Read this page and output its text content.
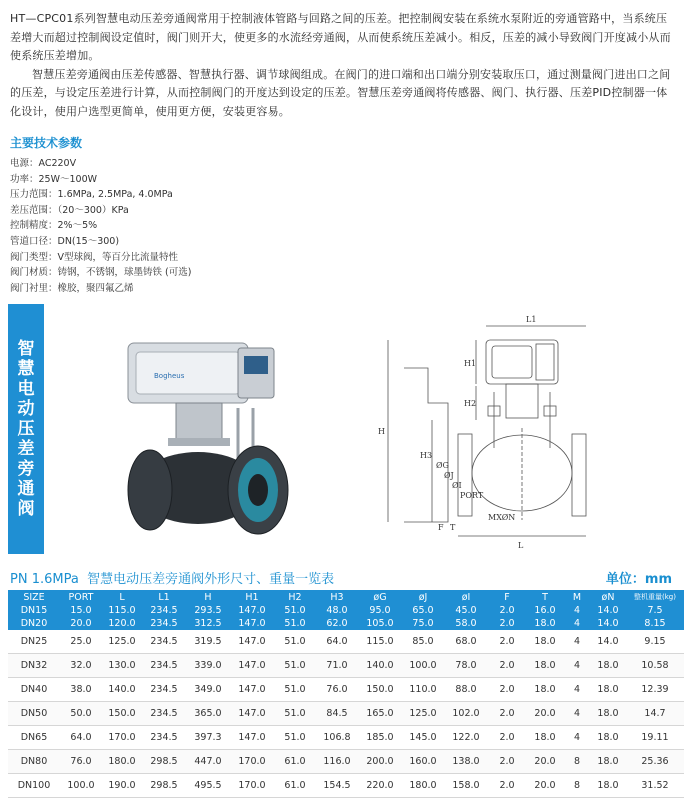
HT—CPC01系列智慧电动压差旁通阀常用于控制液体管路与回路之间的压差。把控制阀安装在系统水泵附近的旁通管路中，当系统压差增大而超过控制阀设定值时，阀门则开大，使更多的水流经旁通阀，从而使系统压差减小。相反，压差的减小导致阀门开度减小从而使系统压差增加。

智慧压差旁通阀由压差传感器、智慧执行器、调节球阀组成。在阀门的进口端和出口端分别安装取压口，通过测量阀门进出口之间的压差，与设定压差进行计算，从而控制阀门的开度达到设定的压差。智慧压差旁通阀将传感器、阀门、执行器、压差PID控制器一体化设计，使用户选型更简单，使用更方便，安装更容易。

主要技术参数
电源：AC220V
功率：25W～100W
压力范围：1.6MPa, 2.5MPa, 4.0MPa
差压范围：（20～300）KPa
控制精度：2%～5%
管道口径：DN(15～300)
阀门类型：V型球阀，等百分比流量特性
阀门材质：铸钢，不锈钢，球墨铸铁 (可选)
阀门衬里：橡胶，聚四氟乙烯
智慧电动压差旁通阀
Bogheus
L1
H1
H2
H
H3
ØG
ØJ
ØI
PORT
MXØN
F T
L
PN 1.6MPa 智慧电动压差旁通阀外形尺寸、重量一览表	单位：mm
SIZE	PORT	L	L1	H	H1	H2	H3	øG	øJ	øI	F	T	M	øN	整机重量(kg)
DN15	15.0	115.0	234.5	293.5	147.0	51.0	48.0	95.0	65.0	45.0	2.0	16.0	4	14.0	7.5
DN20	20.0	120.0	234.5	312.5	147.0	51.0	62.0	105.0	75.0	58.0	2.0	18.0	4	14.0	8.15
DN25	25.0	125.0	234.5	319.5	147.0	51.0	64.0	115.0	85.0	68.0	2.0	18.0	4	14.0	9.15
DN32	32.0	130.0	234.5	339.0	147.0	51.0	71.0	140.0	100.0	78.0	2.0	18.0	4	18.0	10.58
DN40	38.0	140.0	234.5	349.0	147.0	51.0	76.0	150.0	110.0	88.0	2.0	18.0	4	18.0	12.39
DN50	50.0	150.0	234.5	365.0	147.0	51.0	84.5	165.0	125.0	102.0	2.0	20.0	4	18.0	14.7
DN65	64.0	170.0	234.5	397.3	147.0	51.0	106.8	185.0	145.0	122.0	2.0	18.0	4	18.0	19.11
DN80	76.0	180.0	298.5	447.0	170.0	61.0	116.0	200.0	160.0	138.0	2.0	20.0	8	18.0	25.36
DN100	100.0	190.0	298.5	495.5	170.0	61.0	154.5	220.0	180.0	158.0	2.0	20.0	8	18.0	31.52
